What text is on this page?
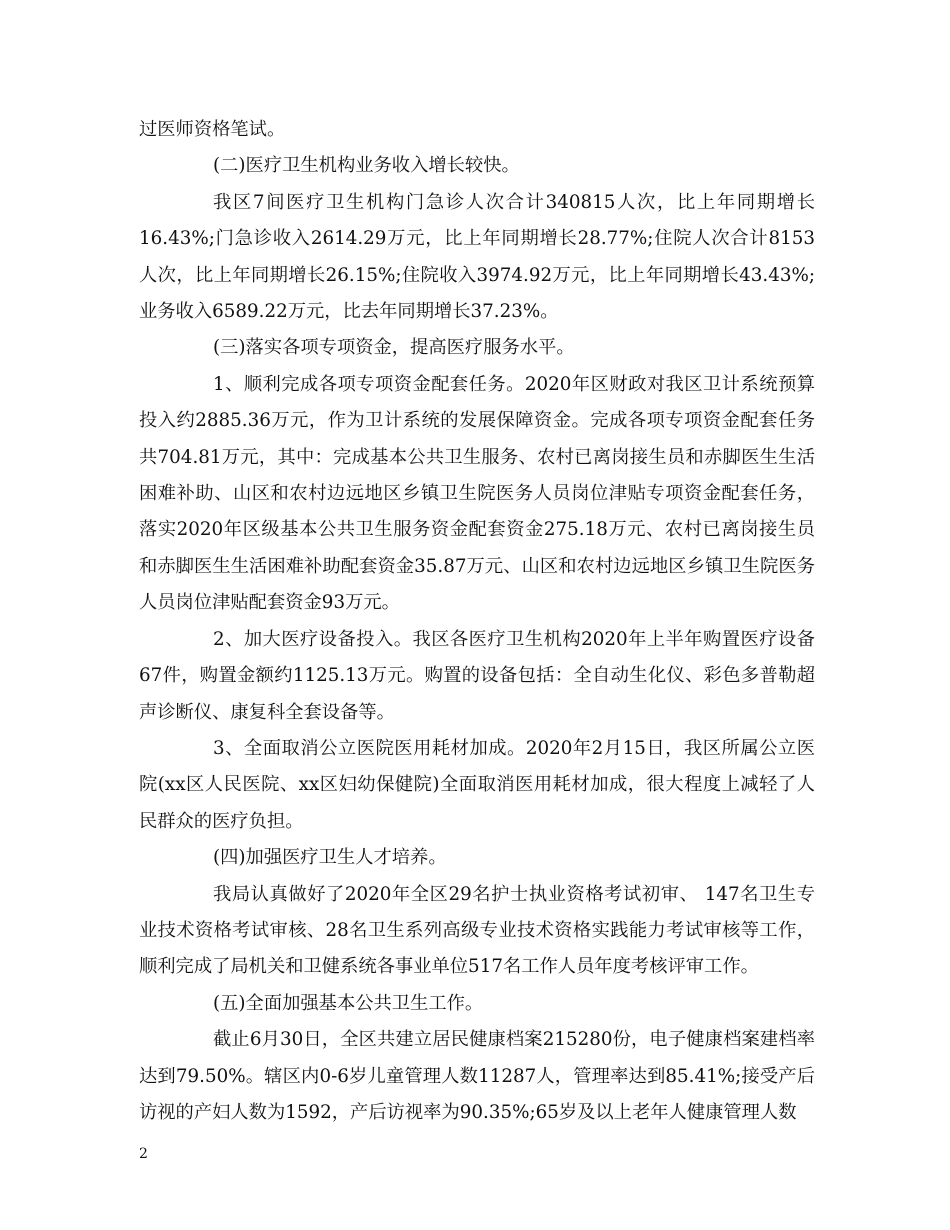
过医师资格笔试。

(二)医疗卫生机构业务收入增长较快。

我区7间医疗卫生机构门急诊人次合计340815人次，比上年同期增长16.43%;门急诊收入2614.29万元，比上年同期增长28.77%;住院人次合计8153人次，比上年同期增长26.15%;住院收入3974.92万元，比上年同期增长43.43%;业务收入6589.22万元，比去年同期增长37.23%。

(三)落实各项专项资金，提高医疗服务水平。

1、顺利完成各项专项资金配套任务。2020年区财政对我区卫计系统预算投入约2885.36万元，作为卫计系统的发展保障资金。完成各项专项资金配套任务共704.81万元，其中：完成基本公共卫生服务、农村已离岗接生员和赤脚医生生活困难补助、山区和农村边远地区乡镇卫生院医务人员岗位津贴专项资金配套任务，落实2020年区级基本公共卫生服务资金配套资金275.18万元、农村已离岗接生员和赤脚医生生活困难补助配套资金35.87万元、山区和农村边远地区乡镇卫生院医务人员岗位津贴配套资金93万元。

2、加大医疗设备投入。我区各医疗卫生机构2020年上半年购置医疗设备67件，购置金额约1125.13万元。购置的设备包括：全自动生化仪、彩色多普勒超声诊断仪、康复科全套设备等。

3、全面取消公立医院医用耗材加成。2020年2月15日，我区所属公立医院(xx区人民医院、xx区妇幼保健院)全面取消医用耗材加成，很大程度上减轻了人民群众的医疗负担。

(四)加强医疗卫生人才培养。

我局认真做好了2020年全区29名护士执业资格考试初审、 147名卫生专业技术资格考试审核、28名卫生系列高级专业技术资格实践能力考试审核等工作，顺利完成了局机关和卫健系统各事业单位517名工作人员年度考核评审工作。

(五)全面加强基本公共卫生工作。

截止6月30日，全区共建立居民健康档案215280份，电子健康档案建档率达到79.50%。辖区内0-6岁儿童管理人数11287人，管理率达到85.41%;接受产后访视的产妇人数为1592，产后访视率为90.35%;65岁及以上老年人健康管理人数

2
